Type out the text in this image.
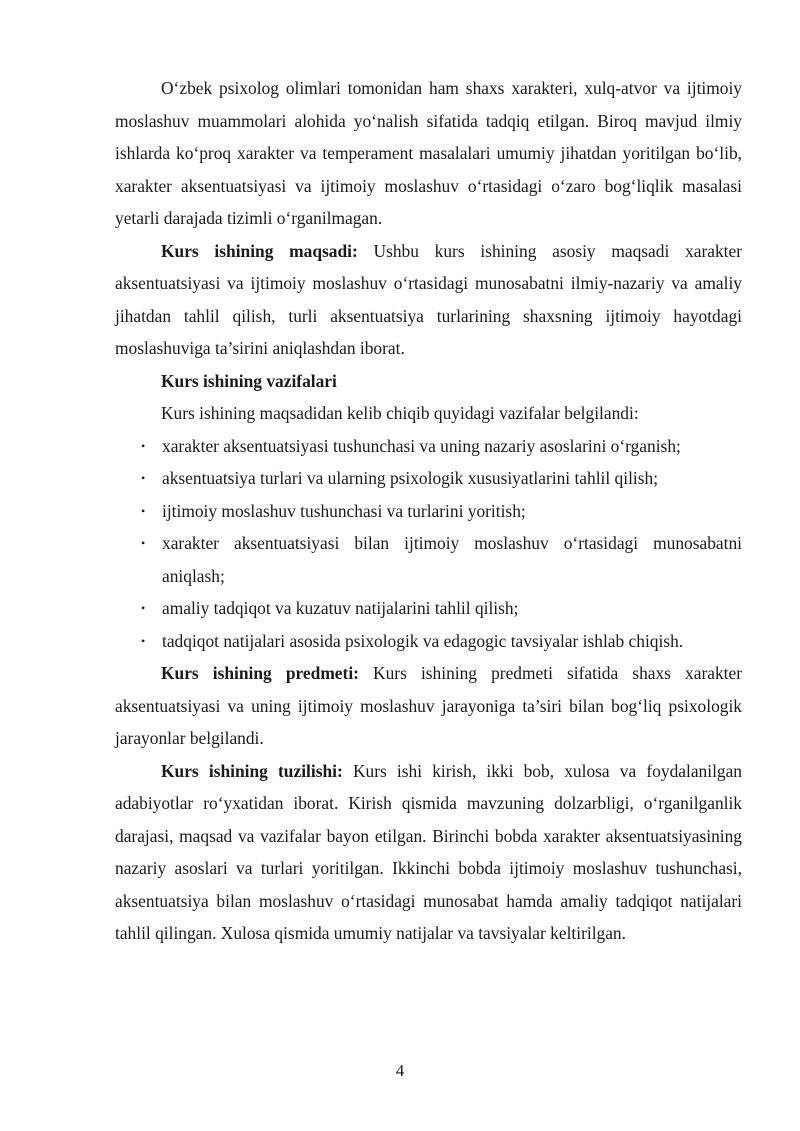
O‘zbek psixolog olimlari tomonidan ham shaxs xarakteri, xulq-atvor va ijtimoiy moslashuv muammolari alohida yo‘nalish sifatida tadqiq etilgan. Biroq mavjud ilmiy ishlarda ko‘proq xarakter va temperament masalalari umumiy jihatdan yoritilgan bo‘lib, xarakter aksentuatsiyasi va ijtimoiy moslashuv o‘rtasidagi o‘zaro bog‘liqlik masalasi yetarli darajada tizimli o‘rganilmagan.

Kurs ishining maqsadi: Ushbu kurs ishining asosiy maqsadi xarakter aksentuatsiyasi va ijtimoiy moslashuv o‘rtasidagi munosabatni ilmiy-nazariy va amaliy jihatdan tahlil qilish, turli aksentuatsiya turlarining shaxsning ijtimoiy hayotdagi moslashuviga ta’sirini aniqlashdan iborat.

Kurs ishining vazifalari

Kurs ishining maqsadidan kelib chiqib quyidagi vazifalar belgilandi:

• xarakter aksentuatsiyasi tushunchasi va uning nazariy asoslarini o‘rganish;
• aksentuatsiya turlari va ularning psixologik xususiyatlarini tahlil qilish;
• ijtimoiy moslashuv tushunchasi va turlarini yoritish;
• xarakter aksentuatsiyasi bilan ijtimoiy moslashuv o‘rtasidagi munosabatni aniqlash;
• amaliy tadqiqot va kuzatuv natijalarini tahlil qilish;
• tadqiqot natijalari asosida psixologik va edagogic tavsiyalar ishlab chiqish.

Kurs ishining predmeti: Kurs ishining predmeti sifatida shaxs xarakter aksentuatsiyasi va uning ijtimoiy moslashuv jarayoniga ta’siri bilan bog‘liq psixologik jarayonlar belgilandi.

Kurs ishining tuzilishi: Kurs ishi kirish, ikki bob, xulosa va foydalanilgan adabiyotlar ro‘yxatidan iborat. Kirish qismida mavzuning dolzarbligi, o‘rganilganlik darajasi, maqsad va vazifalar bayon etilgan. Birinchi bobda xarakter aksentuatsiyasining nazariy asoslari va turlari yoritilgan. Ikkinchi bobda ijtimoiy moslashuv tushunchasi, aksentuatsiya bilan moslashuv o‘rtasidagi munosabat hamda amaliy tadqiqot natijalari tahlil qilingan. Xulosa qismida umumiy natijalar va tavsiyalar keltirilgan.

4
